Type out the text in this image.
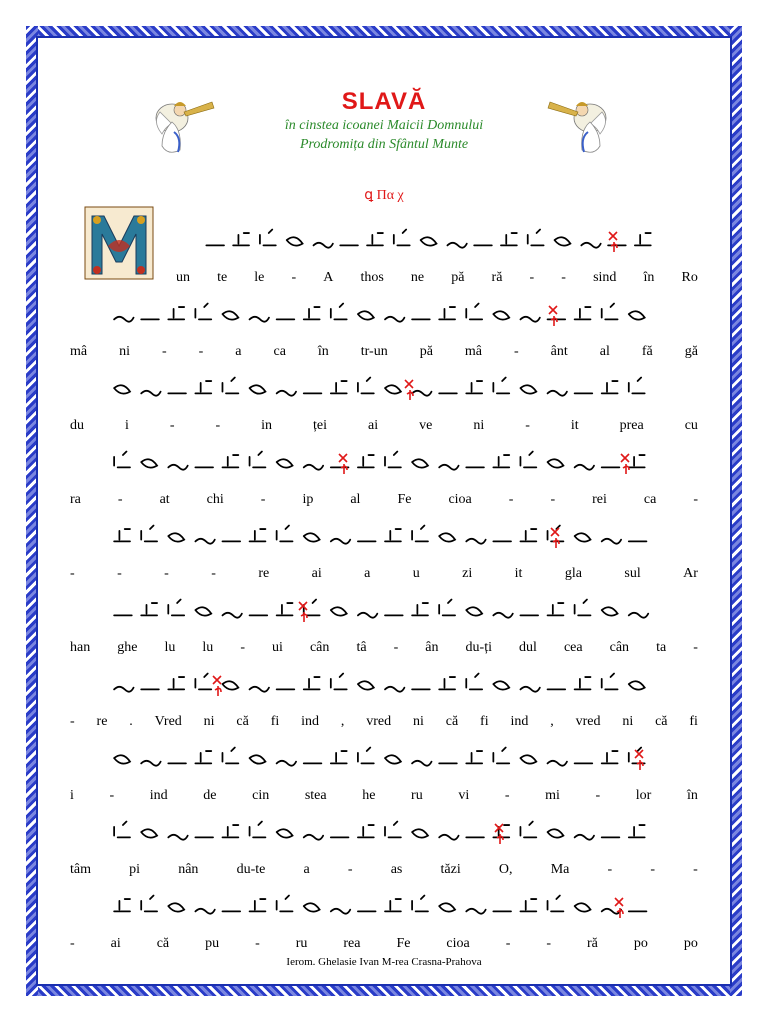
SLAVĂ
în cinstea icoanei Maicii Domnului
Prodromița din Sfântul Munte
ꝗ Πα χ
M
un te le - A thos ne pă ră - - sind în Ro
mâ ni - - a ca în tr-un pă mâ - ânt al fă gă
du	i	-	-	in	ței	ai	ve	ni	-	it	prea	cu
ra	-	at	chi	-	ip	al	Fe	cioa	-	-	rei	ca	-
-	-	-	-	re	ai	a	u	zi	it	gla	sul	Ar
han ghe lu lu - ui cân tâ - ân du-ți dul cea cân ta -
- re . Vred ni că fi ind , vred ni că fi ind , vred ni că fi
i	-	ind	de	cin	stea	he	ru	vi	-	mi	-	lor	în
tâm	pi	nân	du-te	a	-	as	tăzi	O,	Ma	-	-	-
-	ai	că	pu	-	ru	rea	Fe	cioa	-	-	ră	po	po
Ierom. Ghelasie Ivan M-rea Crasna-Prahova
